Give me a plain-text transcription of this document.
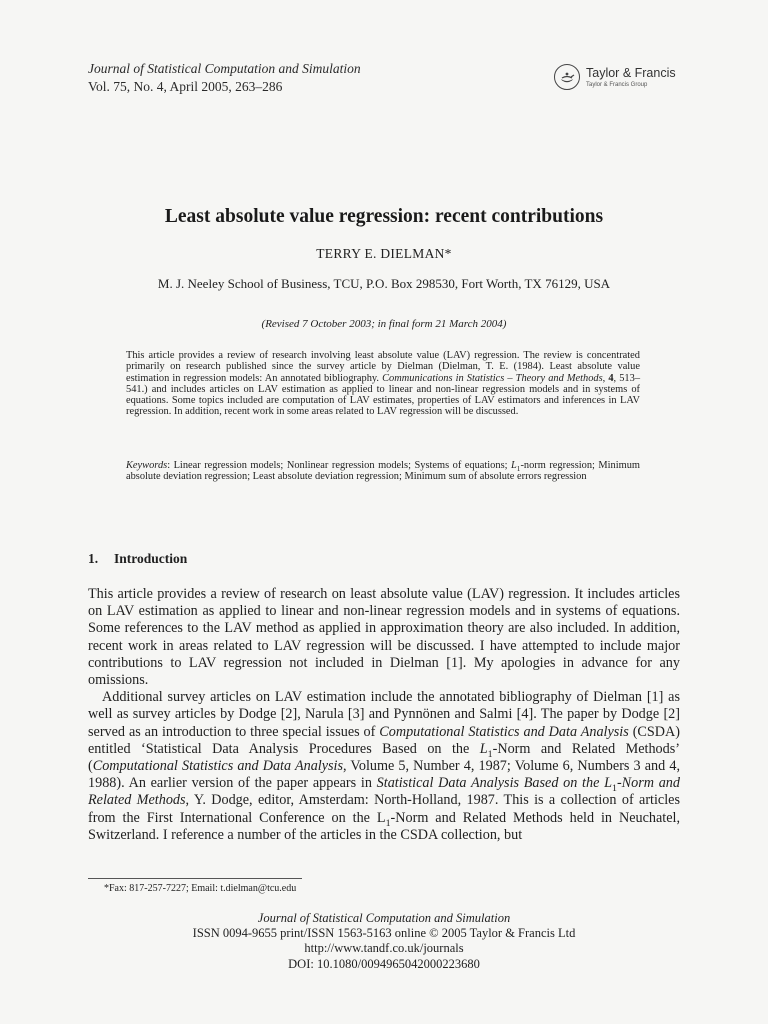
Journal of Statistical Computation and Simulation
Vol. 75, No. 4, April 2005, 263–286
Taylor & Francis
Taylor & Francis Group
Least absolute value regression: recent contributions
TERRY E. DIELMAN*
M. J. Neeley School of Business, TCU, P.O. Box 298530, Fort Worth, TX 76129, USA
(Revised 7 October 2003; in final form 21 March 2004)
This article provides a review of research involving least absolute value (LAV) regression. The review is concentrated primarily on research published since the survey article by Dielman (Dielman, T. E. (1984). Least absolute value estimation in regression models: An annotated bibliography. Communications in Statistics – Theory and Methods, 4, 513–541.) and includes articles on LAV estimation as applied to linear and non-linear regression models and in systems of equations. Some topics included are computation of LAV estimates, properties of LAV estimators and inferences in LAV regression. In addition, recent work in some areas related to LAV regression will be discussed.
Keywords: Linear regression models; Nonlinear regression models; Systems of equations; $L_1$-norm regression; Minimum absolute deviation regression; Least absolute deviation regression; Minimum sum of absolute errors regression
1. Introduction

This article provides a review of research on least absolute value (LAV) regression. It includes articles on LAV estimation as applied to linear and non-linear regression models and in systems of equations. Some references to the LAV method as applied in approximation theory are also included. In addition, recent work in areas related to LAV regression will be discussed. I have attempted to include major contributions to LAV regression not included in Dielman [1]. My apologies in advance for any omissions.

Additional survey articles on LAV estimation include the annotated bibliography of Dielman [1] as well as survey articles by Dodge [2], Narula [3] and Pynnönen and Salmi [4]. The paper by Dodge [2] served as an introduction to three special issues of Computational Statistics and Data Analysis (CSDA) entitled ‘Statistical Data Analysis Procedures Based on the $L_1$-Norm and Related Methods’ (Computational Statistics and Data Analysis, Volume 5, Number 4, 1987; Volume 6, Numbers 3 and 4, 1988). An earlier version of the paper appears in Statistical Data Analysis Based on the $L_1$-Norm and Related Methods, Y. Dodge, editor, Amsterdam: North-Holland, 1987. This is a collection of articles from the First International Conference on the $L_1$-Norm and Related Methods held in Neuchatel, Switzerland. I reference a number of the articles in the CSDA collection, but

*Fax: 817-257-7227; Email: t.dielman@tcu.edu
Journal of Statistical Computation and Simulation
ISSN 0094-9655 print/ISSN 1563-5163 online © 2005 Taylor & Francis Ltd
http://www.tandf.co.uk/journals
DOI: 10.1080/0094965042000223680
